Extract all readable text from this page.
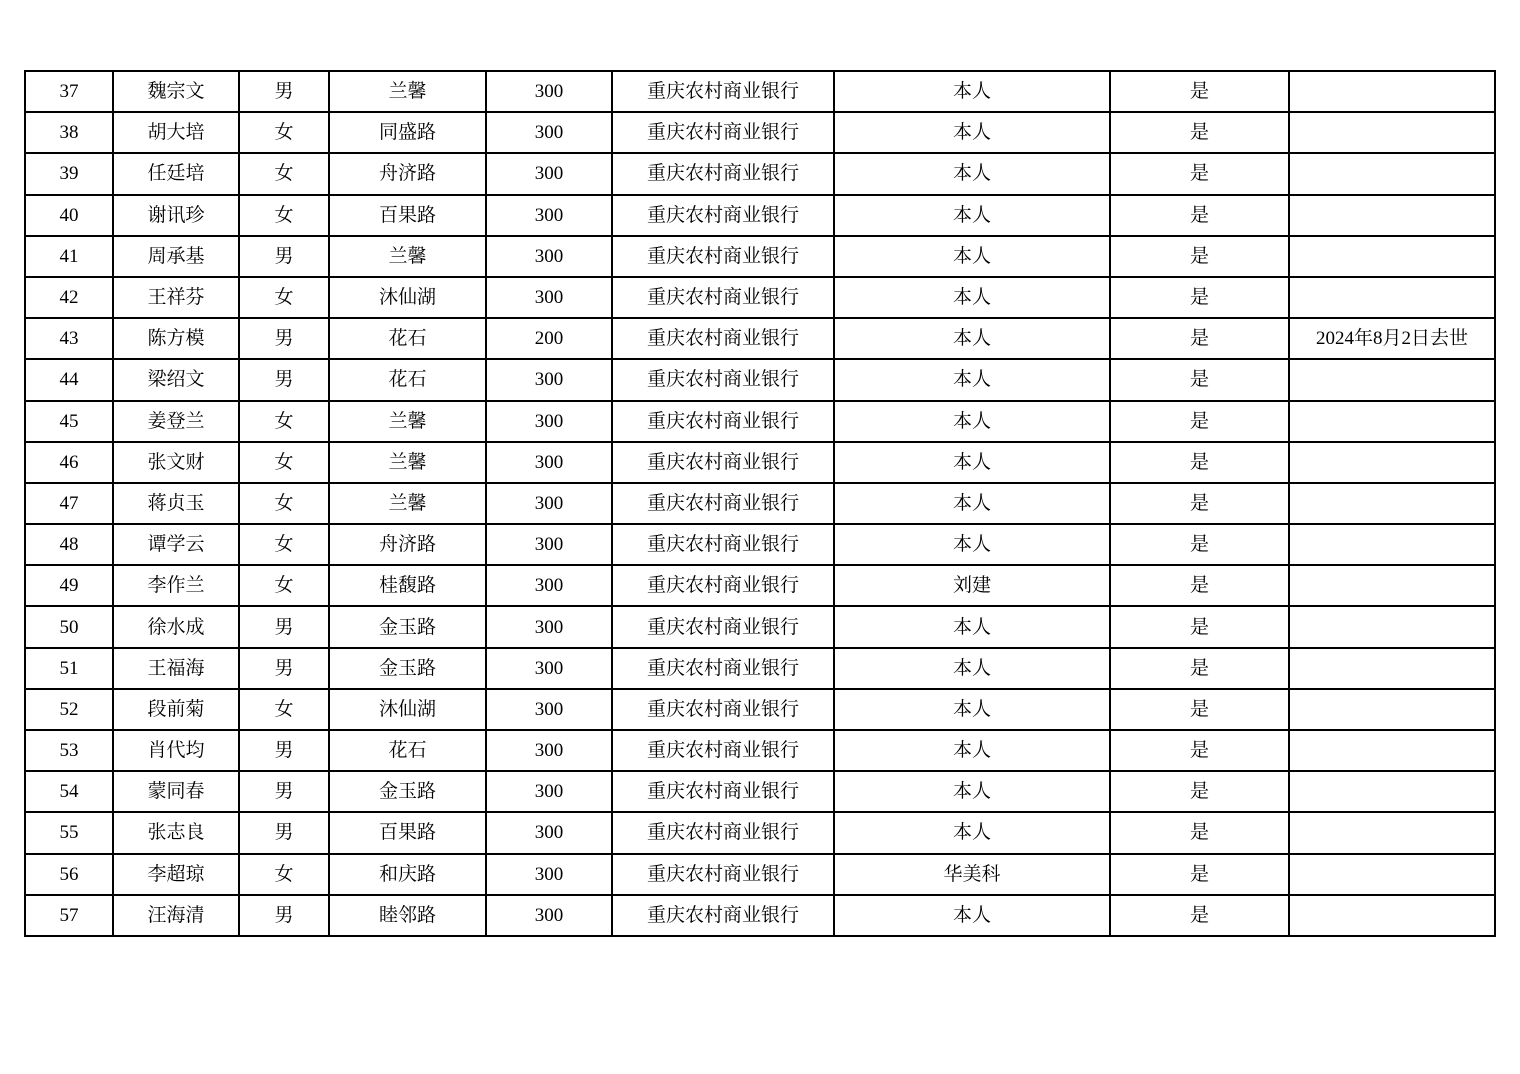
37	魏宗文	男	兰馨	300	重庆农村商业银行	本人	是	
38	胡大培	女	同盛路	300	重庆农村商业银行	本人	是	
39	任廷培	女	舟济路	300	重庆农村商业银行	本人	是	
40	谢讯珍	女	百果路	300	重庆农村商业银行	本人	是	
41	周承基	男	兰馨	300	重庆农村商业银行	本人	是	
42	王祥芬	女	沐仙湖	300	重庆农村商业银行	本人	是	
43	陈方模	男	花石	200	重庆农村商业银行	本人	是	2024年8月2日去世
44	梁绍文	男	花石	300	重庆农村商业银行	本人	是	
45	姜登兰	女	兰馨	300	重庆农村商业银行	本人	是	
46	张文财	女	兰馨	300	重庆农村商业银行	本人	是	
47	蒋贞玉	女	兰馨	300	重庆农村商业银行	本人	是	
48	谭学云	女	舟济路	300	重庆农村商业银行	本人	是	
49	李作兰	女	桂馥路	300	重庆农村商业银行	刘建	是	
50	徐水成	男	金玉路	300	重庆农村商业银行	本人	是	
51	王福海	男	金玉路	300	重庆农村商业银行	本人	是	
52	段前菊	女	沐仙湖	300	重庆农村商业银行	本人	是	
53	肖代均	男	花石	300	重庆农村商业银行	本人	是	
54	蒙同春	男	金玉路	300	重庆农村商业银行	本人	是	
55	张志良	男	百果路	300	重庆农村商业银行	本人	是	
56	李超琼	女	和庆路	300	重庆农村商业银行	华美科	是	
57	汪海清	男	睦邻路	300	重庆农村商业银行	本人	是	
